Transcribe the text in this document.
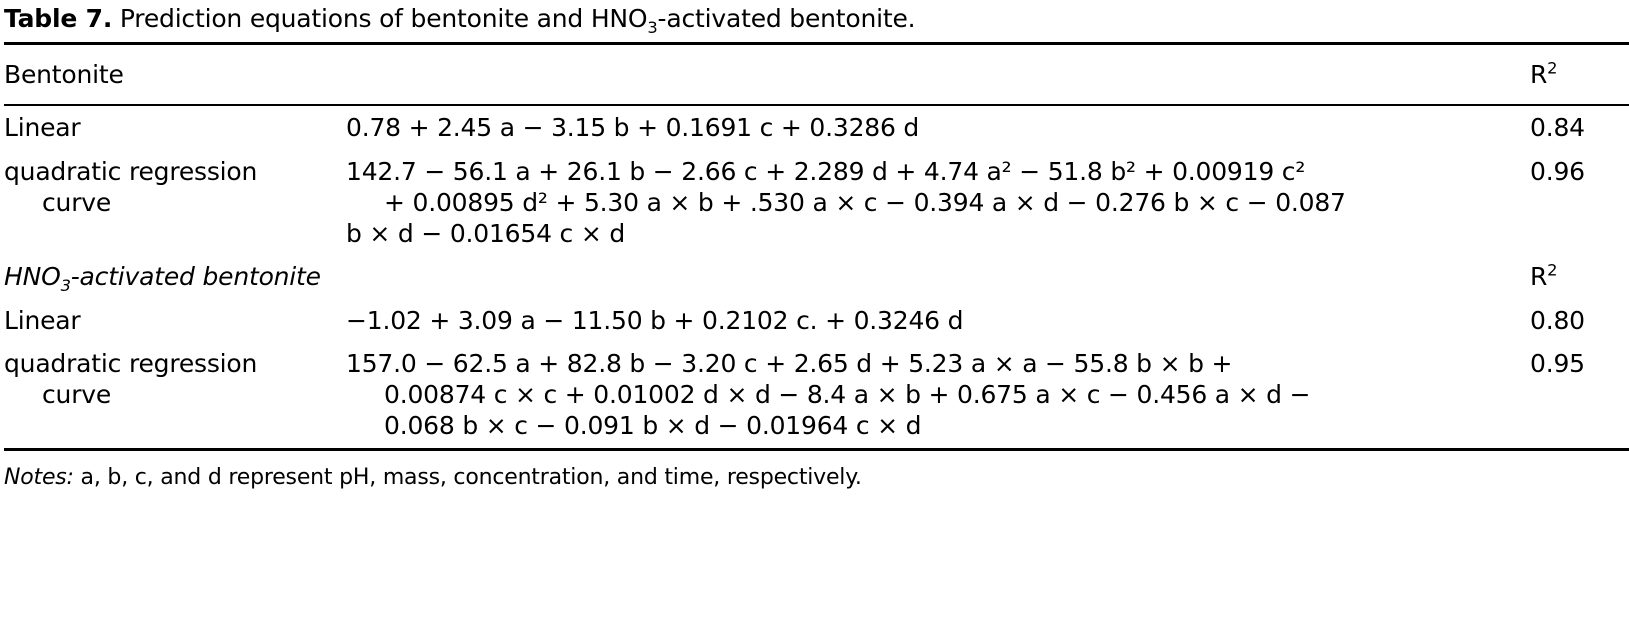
Table 7. Prediction equations of bentonite and $HNO_3$-activated bentonite.
Bentonite		$R^2$
Linear	0.78 + 2.45 a − 3.15 b + 0.1691 c + 0.3286 d	0.84

quadratic regression
curve	142.7 − 56.1 a + 26.1 b − 2.66 c + 2.289 d + 4.74 a² − 51.8 b² + 0.00919 c²
+ 0.00895 d² + 5.30 a × b + .530 a × c − 0.394 a × d − 0.276 b × c − 0.087
b × d − 0.01654 c × d	0.96
$HNO_3$-activated bentonite		$R^2$
Linear	−1.02 + 3.09 a − 11.50 b + 0.2102 c. + 0.3246 d	0.80

quadratic regression
curve	157.0 − 62.5 a + 82.8 b − 3.20 c + 2.65 d + 5.23 a × a − 55.8 b × b +
0.00874 c × c + 0.01002 d × d − 8.4 a × b + 0.675 a × c − 0.456 a × d −
0.068 b × c − 0.091 b × d − 0.01964 c × d	0.95

Notes: a, b, c, and d represent pH, mass, concentration, and time, respectively.
